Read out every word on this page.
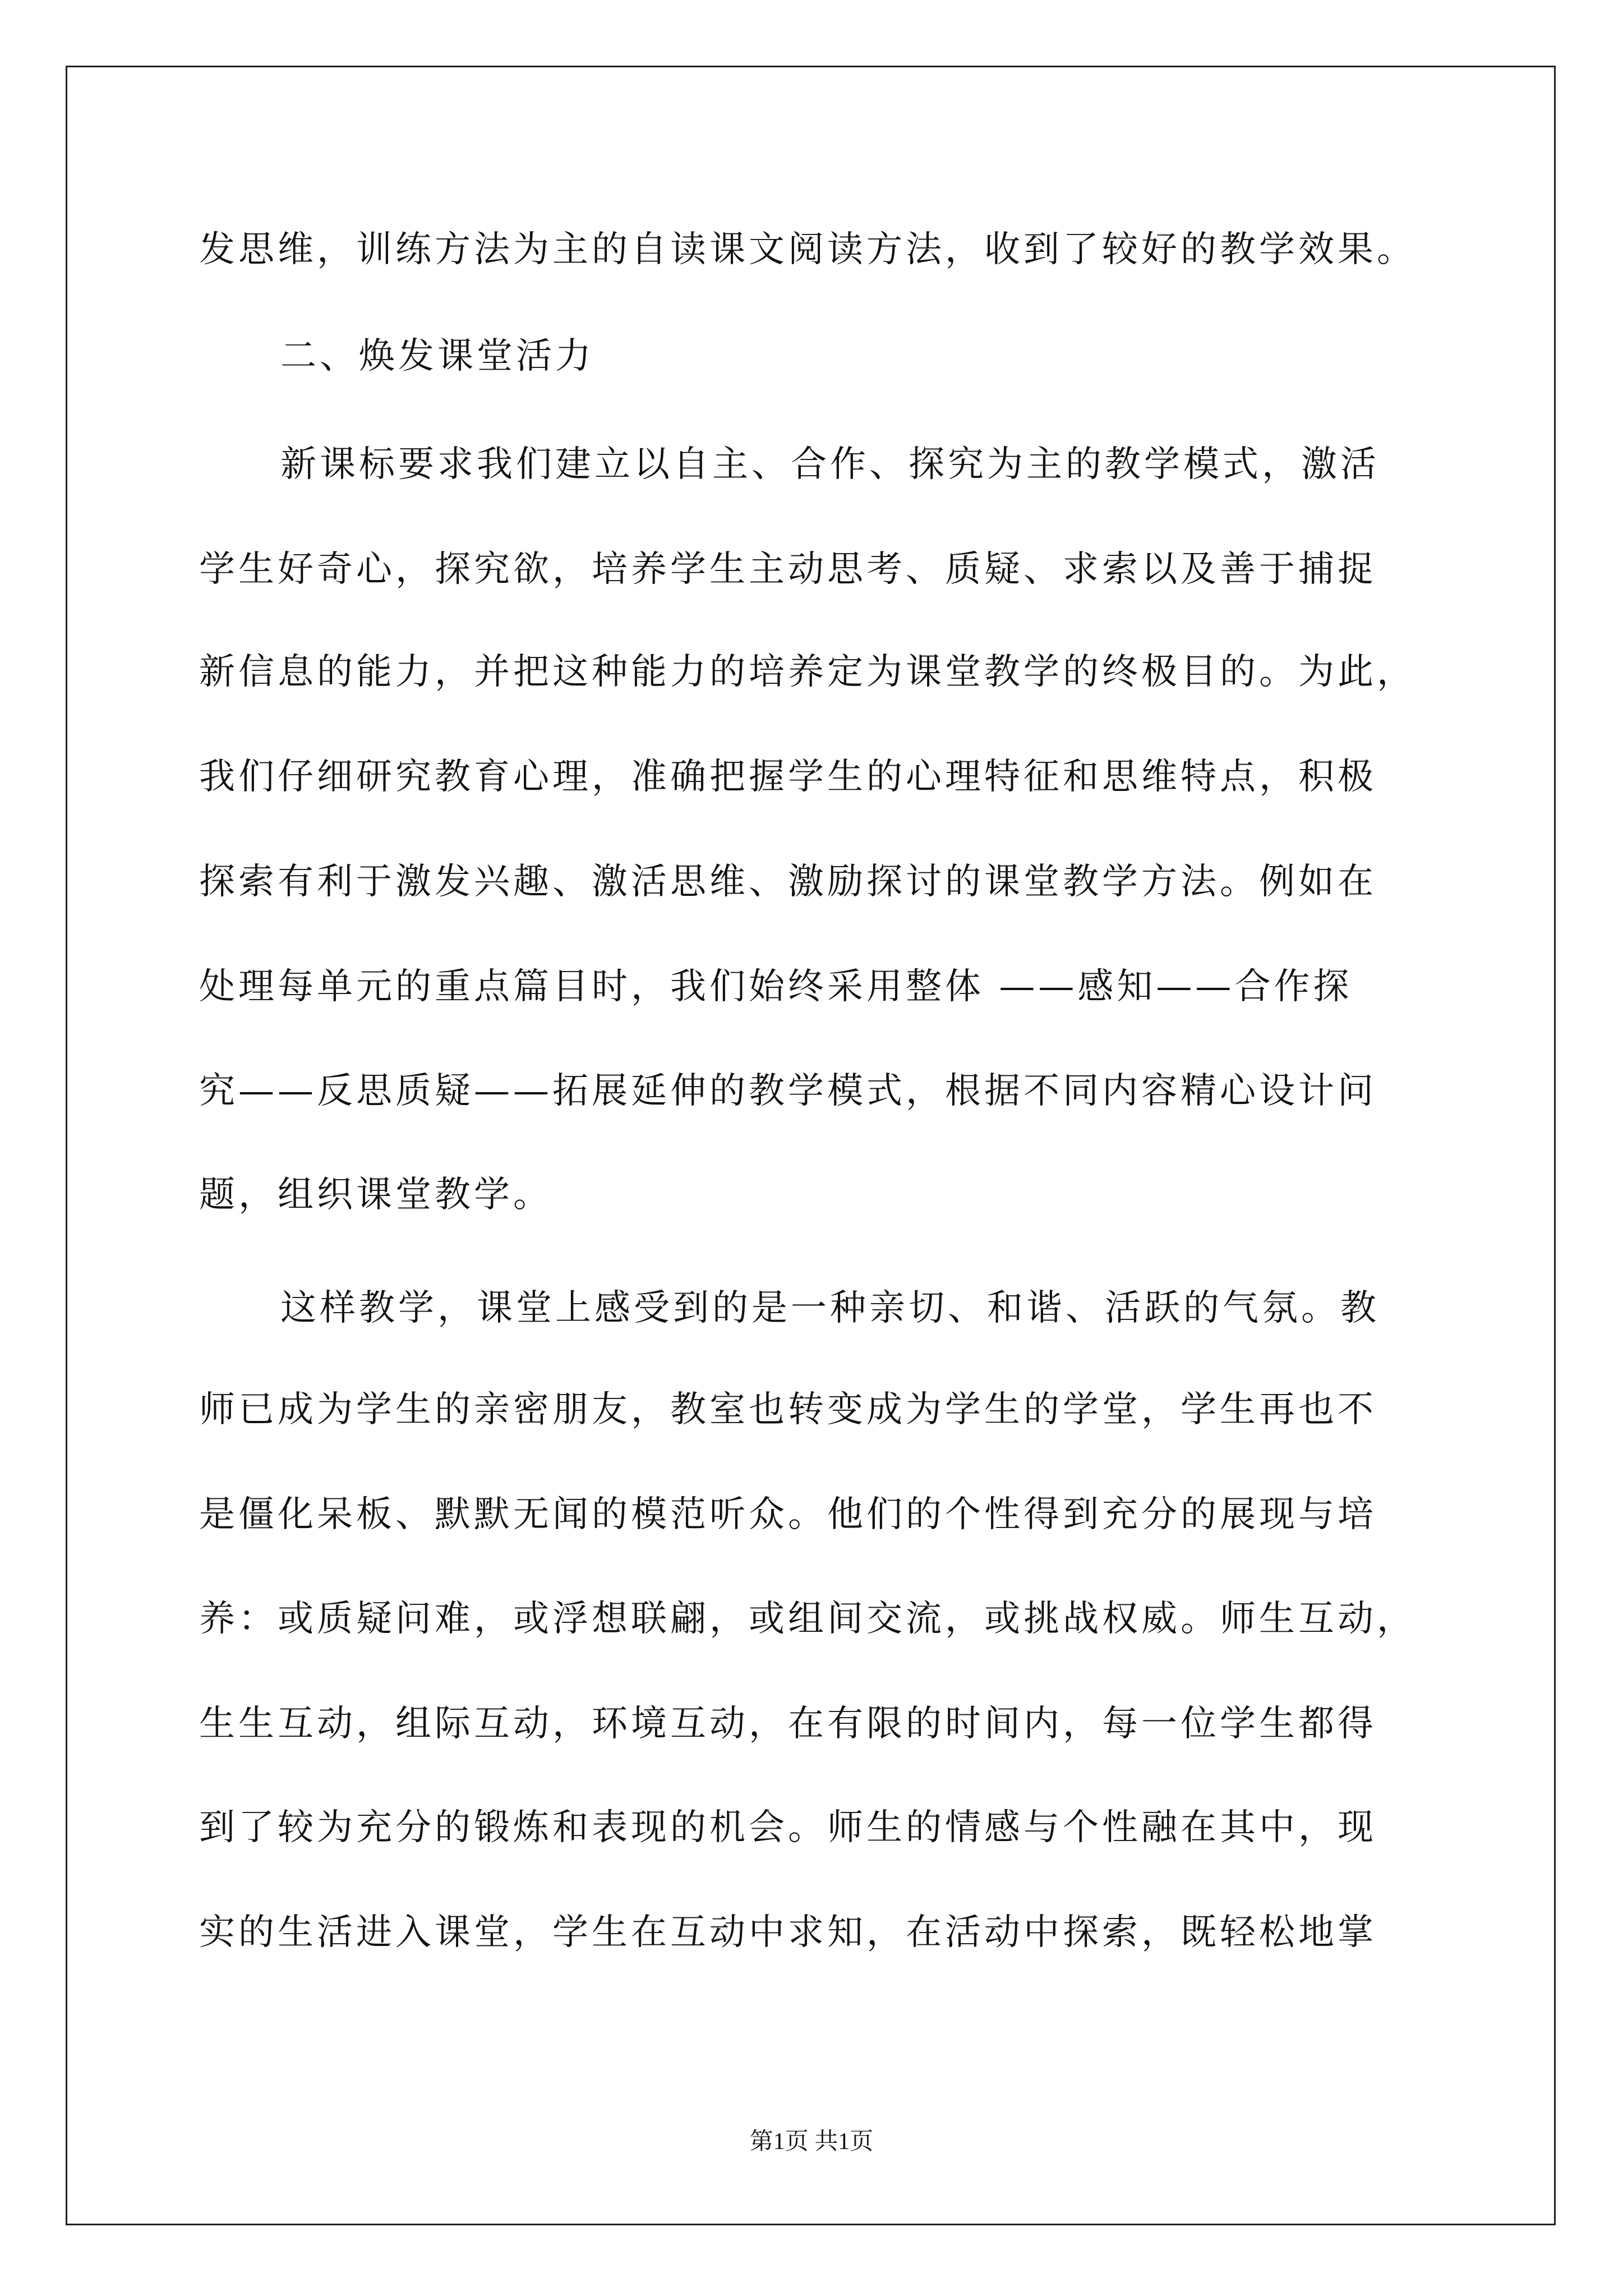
发思维，训练方法为主的自读课文阅读方法，收到了较好的教学效果。
二、焕发课堂活力
新课标要求我们建立以自主、合作、探究为主的教学模式，激活
学生好奇心，探究欲，培养学生主动思考、质疑、求索以及善于捕捉
新信息的能力，并把这种能力的培养定为课堂教学的终极目的。为此，
我们仔细研究教育心理，准确把握学生的心理特征和思维特点，积极
探索有利于激发兴趣、激活思维、激励探讨的课堂教学方法。例如在
处理每单元的重点篇目时，我们始终采用整体 ——感知——合作探
究——反思质疑——拓展延伸的教学模式，根据不同内容精心设计问
题，组织课堂教学。
这样教学，课堂上感受到的是一种亲切、和谐、活跃的气氛。教
师已成为学生的亲密朋友，教室也转变成为学生的学堂，学生再也不
是僵化呆板、默默无闻的模范听众。他们的个性得到充分的展现与培
养：或质疑问难，或浮想联翩，或组间交流，或挑战权威。师生互动，
生生互动，组际互动，环境互动，在有限的时间内，每一位学生都得
到了较为充分的锻炼和表现的机会。师生的情感与个性融在其中，现
实的生活进入课堂，学生在互动中求知，在活动中探索，既轻松地掌
第1页 共1页
